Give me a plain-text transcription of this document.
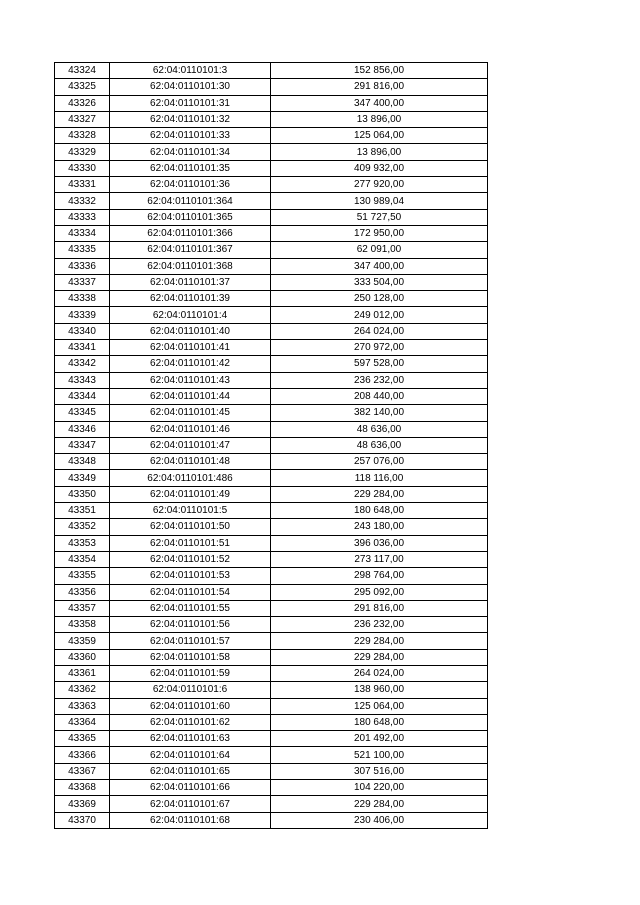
43324	62:04:0110101:3	152 856,00
43325	62:04:0110101:30	291 816,00
43326	62:04:0110101:31	347 400,00
43327	62:04:0110101:32	13 896,00
43328	62:04:0110101:33	125 064,00
43329	62:04:0110101:34	13 896,00
43330	62:04:0110101:35	409 932,00
43331	62:04:0110101:36	277 920,00
43332	62:04:0110101:364	130 989,04
43333	62:04:0110101:365	51 727,50
43334	62:04:0110101:366	172 950,00
43335	62:04:0110101:367	62 091,00
43336	62:04:0110101:368	347 400,00
43337	62:04:0110101:37	333 504,00
43338	62:04:0110101:39	250 128,00
43339	62:04:0110101:4	249 012,00
43340	62:04:0110101:40	264 024,00
43341	62:04:0110101:41	270 972,00
43342	62:04:0110101:42	597 528,00
43343	62:04:0110101:43	236 232,00
43344	62:04:0110101:44	208 440,00
43345	62:04:0110101:45	382 140,00
43346	62:04:0110101:46	48 636,00
43347	62:04:0110101:47	48 636,00
43348	62:04:0110101:48	257 076,00
43349	62:04:0110101:486	118 116,00
43350	62:04:0110101:49	229 284,00
43351	62:04:0110101:5	180 648,00
43352	62:04:0110101:50	243 180,00
43353	62:04:0110101:51	396 036,00
43354	62:04:0110101:52	273 117,00
43355	62:04:0110101:53	298 764,00
43356	62:04:0110101:54	295 092,00
43357	62:04:0110101:55	291 816,00
43358	62:04:0110101:56	236 232,00
43359	62:04:0110101:57	229 284,00
43360	62:04:0110101:58	229 284,00
43361	62:04:0110101:59	264 024,00
43362	62:04:0110101:6	138 960,00
43363	62:04:0110101:60	125 064,00
43364	62:04:0110101:62	180 648,00
43365	62:04:0110101:63	201 492,00
43366	62:04:0110101:64	521 100,00
43367	62:04:0110101:65	307 516,00
43368	62:04:0110101:66	104 220,00
43369	62:04:0110101:67	229 284,00
43370	62:04:0110101:68	230 406,00
